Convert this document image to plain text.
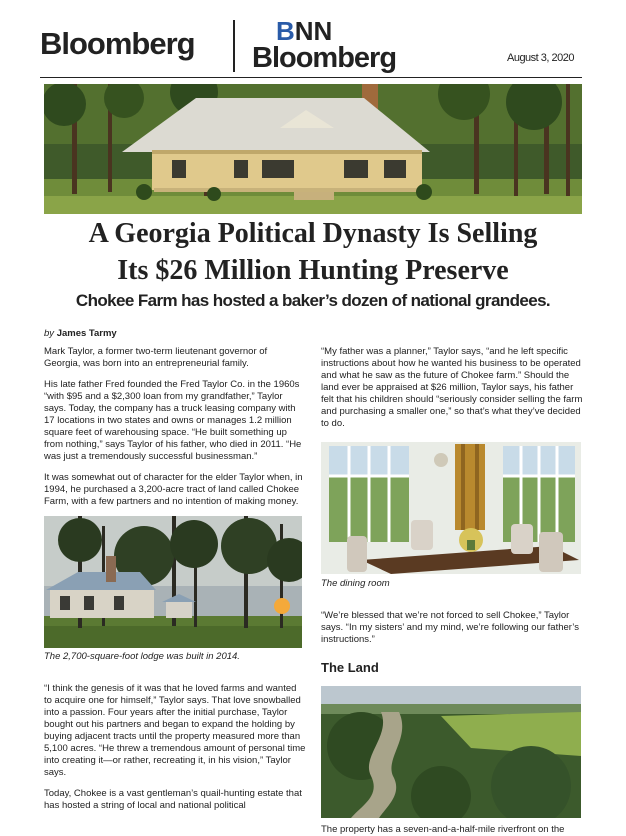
Bloomberg	BNN
Bloomberg	August 3, 2020
A Georgia Political Dynasty Is Selling
Its $26 Million Hunting Preserve
Chokee Farm has hosted a baker’s dozen of national grandees.
by James Tarmy

Mark Taylor, a former two-term lieutenant governor of Georgia, was born into an entrepreneurial family.

His late father Fred founded the Fred Taylor Co. in the 1960s “with $95 and a $2,300 loan from my grandfather,” Taylor says. Today, the company has a truck leasing company with 17 locations in two states and owns or manages 1.2 million square feet of warehousing space. “He built something up from nothing,” says Taylor of his father, who died in 2011. “He was just a tremendously successful businessman.”

It was somewhat out of character for the elder Taylor when, in 1994, he purchased a 3,200-acre tract of land called Chokee Farm, with a few partners and no intention of making money.

The 2,700-square-foot lodge was built in 2014.

“I think the genesis of it was that he loved farms and wanted to acquire one for himself,” Taylor says. That love snowballed into a passion. Four years after the initial purchase, Taylor bought out his partners and began to expand the holding by buying adjacent tracts until the property measured more than 5,100 acres. “He threw a tremendous amount of personal time into creating it—or rather, recreating it, in his vision,” Taylor says.

Today, Chokee is a vast gentleman’s quail-hunting estate that has hosted a string of local and national political

“My father was a planner,” Taylor says, “and he left specific instructions about how he wanted his business to be operated and what he saw as the future of Chokee farm.” Should the land ever be appraised at $26 million, Taylor says, his father felt that his children should “seriously consider selling the farm and purchasing a smaller one,” so that’s what they’ve decided to do.

The dining room

“We’re blessed that we’re not forced to sell Chokee,” Taylor says. “In my sisters’ and my mind, we’re following our father’s instructions.”

The Land
The property has a seven-and-a-half-mile riverfront on the
